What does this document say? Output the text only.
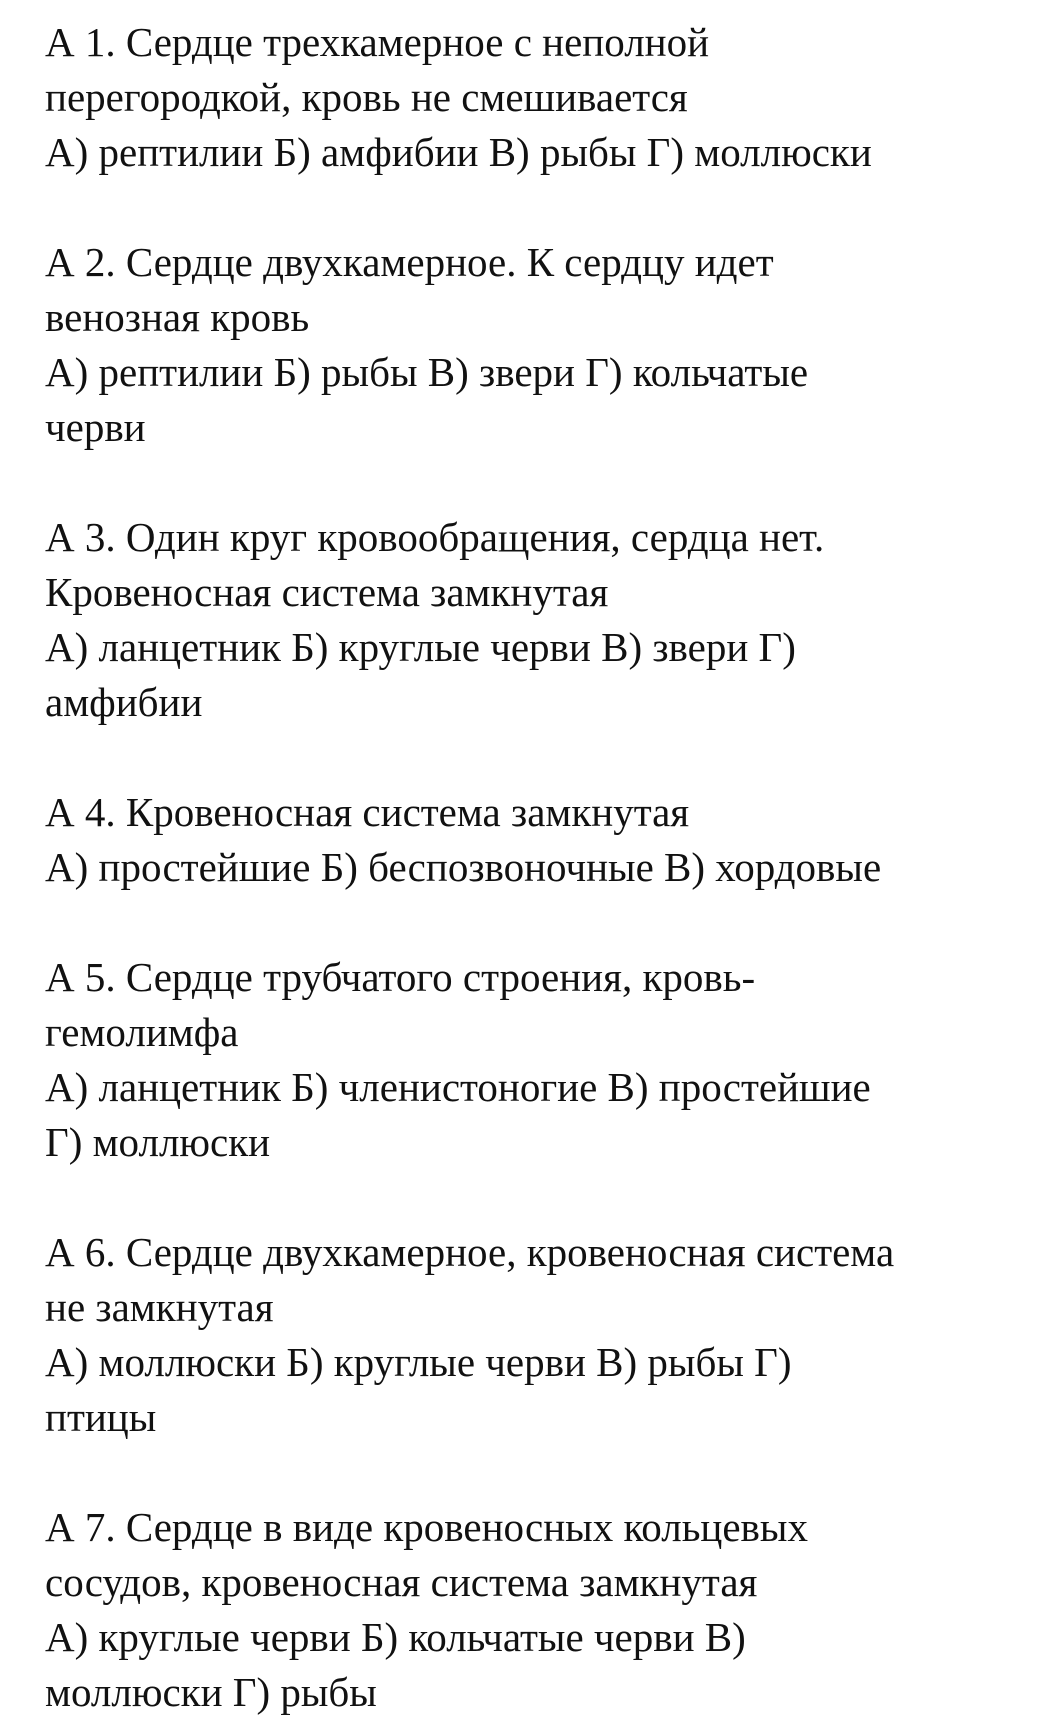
А 1. Сердце трехкамерное с неполной
перегородкой, кровь не смешивается
А) рептилии Б) амфибии В) рыбы Г) моллюски
А 2. Сердце двухкамерное. К сердцу идет
венозная кровь
А) рептилии Б) рыбы В) звери Г) кольчатые
черви
А 3. Один круг кровообращения, сердца нет.
Кровеносная система замкнутая
А) ланцетник Б) круглые черви В) звери Г)
амфибии
А 4. Кровеносная система замкнутая
А) простейшие Б) беспозвоночные В) хордовые
А 5. Сердце трубчатого строения, кровь-
гемолимфа
А) ланцетник Б) членистоногие В) простейшие
Г) моллюски
А 6. Сердце двухкамерное, кровеносная система
не замкнутая
А) моллюски Б) круглые черви В) рыбы Г)
птицы
А 7. Сердце в виде кровеносных кольцевых
сосудов, кровеносная система замкнутая
А) круглые черви Б) кольчатые черви В)
моллюски Г) рыбы
